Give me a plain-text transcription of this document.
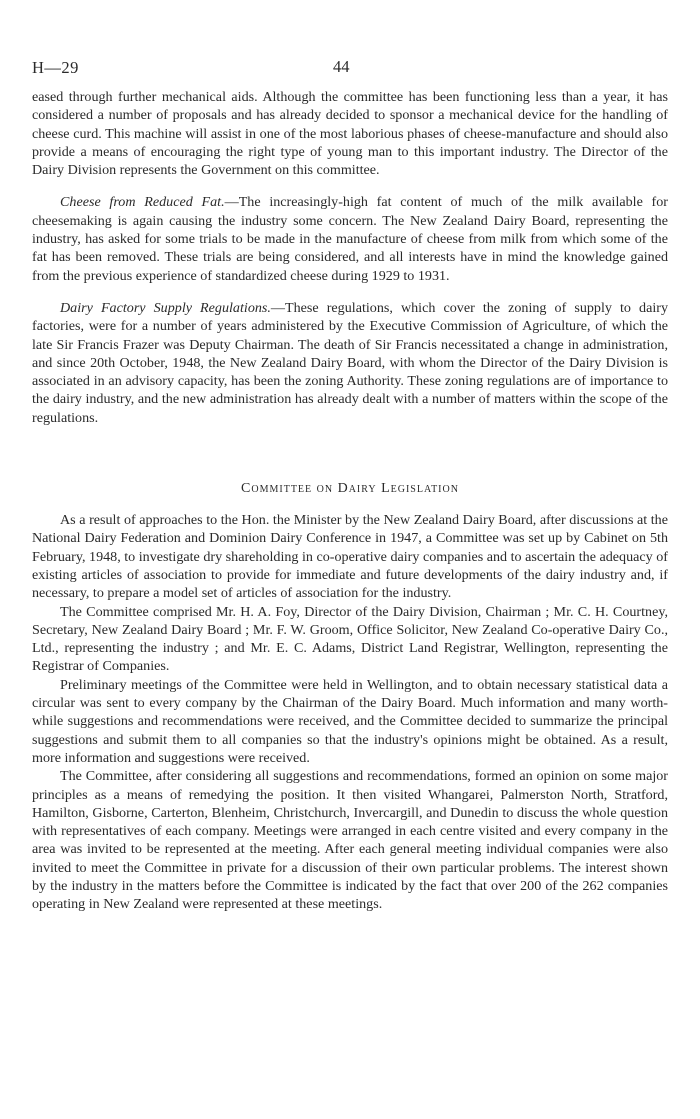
H—29	44

eased through further mechanical aids. Although the committee has been functioning less than a year, it has considered a number of proposals and has already decided to sponsor a mechanical device for the handling of cheese curd. This machine will assist in one of the most laborious phases of cheese-manufacture and should also provide a means of encouraging the right type of young man to this important industry. The Director of the Dairy Division represents the Government on this committee.

Cheese from Reduced Fat.—The increasingly-high fat content of much of the milk available for cheesemaking is again causing the industry some concern. The New Zealand Dairy Board, representing the industry, has asked for some trials to be made in the manufacture of cheese from milk from which some of the fat has been removed. These trials are being considered, and all interests have in mind the knowledge gained from the previous experience of standardized cheese during 1929 to 1931.

Dairy Factory Supply Regulations.—These regulations, which cover the zoning of supply to dairy factories, were for a number of years administered by the Executive Commission of Agriculture, of which the late Sir Francis Frazer was Deputy Chairman. The death of Sir Francis necessitated a change in administration, and since 20th October, 1948, the New Zealand Dairy Board, with whom the Director of the Dairy Division is associated in an advisory capacity, has been the zoning Authority. These zoning regulations are of importance to the dairy industry, and the new administration has already dealt with a number of matters within the scope of the regulations.

Committee on Dairy Legislation

As a result of approaches to the Hon. the Minister by the New Zealand Dairy Board, after discussions at the National Dairy Federation and Dominion Dairy Conference in 1947, a Committee was set up by Cabinet on 5th February, 1948, to investigate dry shareholding in co-operative dairy companies and to ascertain the adequacy of existing articles of association to provide for immediate and future developments of the dairy industry and, if necessary, to prepare a model set of articles of association for the industry.

The Committee comprised Mr. H. A. Foy, Director of the Dairy Division, Chairman ; Mr. C. H. Courtney, Secretary, New Zealand Dairy Board ; Mr. F. W. Groom, Office Solicitor, New Zealand Co-operative Dairy Co., Ltd., representing the industry ; and Mr. E. C. Adams, District Land Registrar, Wellington, representing the Registrar of Companies.

Preliminary meetings of the Committee were held in Wellington, and to obtain necessary statistical data a circular was sent to every company by the Chairman of the Dairy Board. Much information and many worth-while suggestions and recommendations were received, and the Committee decided to summarize the principal suggestions and submit them to all companies so that the industry's opinions might be obtained. As a result, more information and suggestions were received.

The Committee, after considering all suggestions and recommendations, formed an opinion on some major principles as a means of remedying the position. It then visited Whangarei, Palmerston North, Stratford, Hamilton, Gisborne, Carterton, Blenheim, Christchurch, Invercargill, and Dunedin to discuss the whole question with representatives of each company. Meetings were arranged in each centre visited and every company in the area was invited to be represented at the meeting. After each general meeting individual companies were also invited to meet the Committee in private for a discussion of their own particular problems. The interest shown by the industry in the matters before the Committee is indicated by the fact that over 200 of the 262 companies operating in New Zealand were represented at these meetings.
